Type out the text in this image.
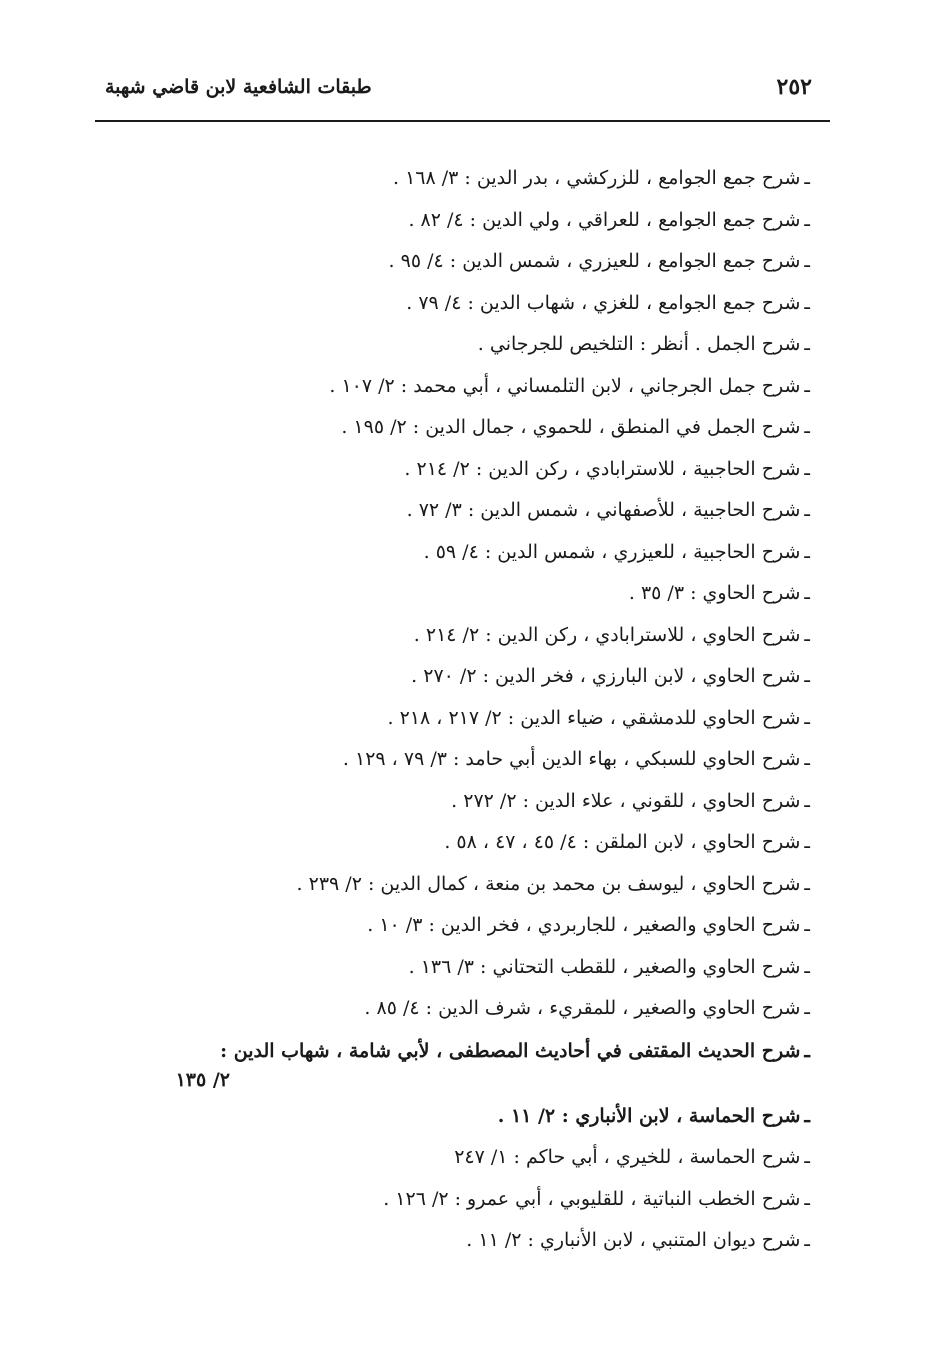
٢٥٢
طبقات الشافعية لابن قاضي شهبة
ـشرح جمع الجوامع ، للزركشي ، بدر الدين : ٣/ ١٦٨ .
ـشرح جمع الجوامع ، للعراقي ، ولي الدين : ٤/ ٨٢ .
ـشرح جمع الجوامع ، للعيزري ، شمس الدين : ٤/ ٩٥ .
ـشرح جمع الجوامع ، للغزي ، شهاب الدين : ٤/ ٧٩ .
ـشرح الجمل . أنظر : التلخيص للجرجاني .
ـشرح جمل الجرجاني ، لابن التلمساني ، أبي محمد : ٢/ ١٠٧ .
ـشرح الجمل في المنطق ، للحموي ، جمال الدين : ٢/ ١٩٥ .
ـشرح الحاجبية ، للاسترابادي ، ركن الدين : ٢/ ٢١٤ .
ـشرح الحاجبية ، للأصفهاني ، شمس الدين : ٣/ ٧٢ .
ـشرح الحاجبية ، للعيزري ، شمس الدين : ٤/ ٥٩ .
ـشرح الحاوي : ٣/ ٣٥ .
ـشرح الحاوي ، للاسترابادي ، ركن الدين : ٢/ ٢١٤ .
ـشرح الحاوي ، لابن البارزي ، فخر الدين : ٢/ ٢٧٠ .
ـشرح الحاوي للدمشقي ، ضياء الدين : ٢/ ٢١٧ ، ٢١٨ .
ـشرح الحاوي للسبكي ، بهاء الدين أبي حامد : ٣/ ٧٩ ، ١٢٩ .
ـشرح الحاوي ، للقوني ، علاء الدين : ٢/ ٢٧٢ .
ـشرح الحاوي ، لابن الملقن : ٤/ ٤٥ ، ٤٧ ، ٥٨ .
ـشرح الحاوي ، ليوسف بن محمد بن منعة ، كمال الدين : ٢/ ٢٣٩ .
ـشرح الحاوي والصغير ، للجاربردي ، فخر الدين : ٣/ ١٠ .
ـشرح الحاوي والصغير ، للقطب التحتاني : ٣/ ١٣٦ .
ـشرح الحاوي والصغير ، للمقريء ، شرف الدين : ٤/ ٨٥ .
ـشرح الحديث المقتفى في أحاديث المصطفى ، لأبي شامة ، شهاب الدين :
٢/ ١٣٥
ـشرح الحماسة ، لابن الأنباري : ٢/ ١١ .
ـشرح الحماسة ، للخيري ، أبي حاكم : ١/ ٢٤٧
ـشرح الخطب النباتية ، للقليوبي ، أبي عمرو : ٢/ ١٢٦ .
ـشرح ديوان المتنبي ، لابن الأنباري : ٢/ ١١ .
